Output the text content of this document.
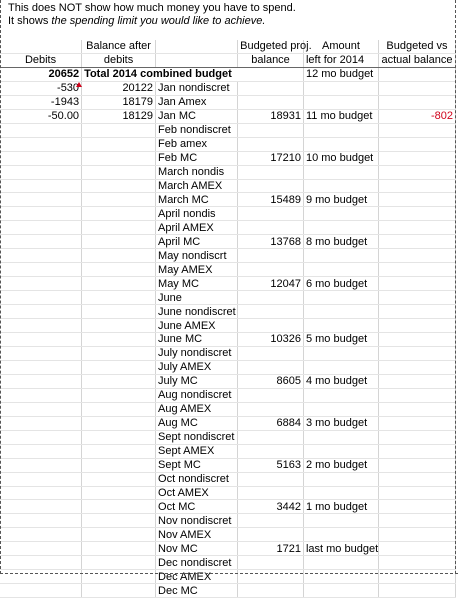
This does NOT show how much money you have to spend.
It shows the spending limit you would like to achieve.
	Balance after		Budgeted proj.	Amount	Budgeted vs
Debits	debits		balance	left for 2014	actual balance
20652	Total 2014 combined budget			12 mo budget	
-530	20122	Jan nondiscret			
-1943	18179	Jan Amex			
-50.00	18129	Jan MC	18931	11 mo budget	-802
		Feb nondiscret			
		Feb amex			
		Feb MC	17210	10 mo budget	
		March nondis			
		March AMEX			
		March MC	15489	9 mo budget	
		April nondis			
		April AMEX			
		April MC	13768	8 mo budget	
		May nondiscrt			
		May AMEX			
		May MC	12047	6 mo budget	
		June			
		June nondiscret			
		June AMEX			
		June MC	10326	5 mo budget	
		July nondiscret			
		July AMEX			
		July MC	8605	4 mo budget	
		Aug nondiscret			
		Aug AMEX			
		Aug MC	6884	3 mo budget	
		Sept nondiscret			
		Sept AMEX			
		Sept MC	5163	2 mo budget	
		Oct nondiscret			
		Oct AMEX			
		Oct MC	3442	1 mo budget	
		Nov nondiscret			
		Nov AMEX			
		Nov MC	1721	last mo budget	
		Dec nondiscret			
		Dec AMEX			
		Dec MC			
